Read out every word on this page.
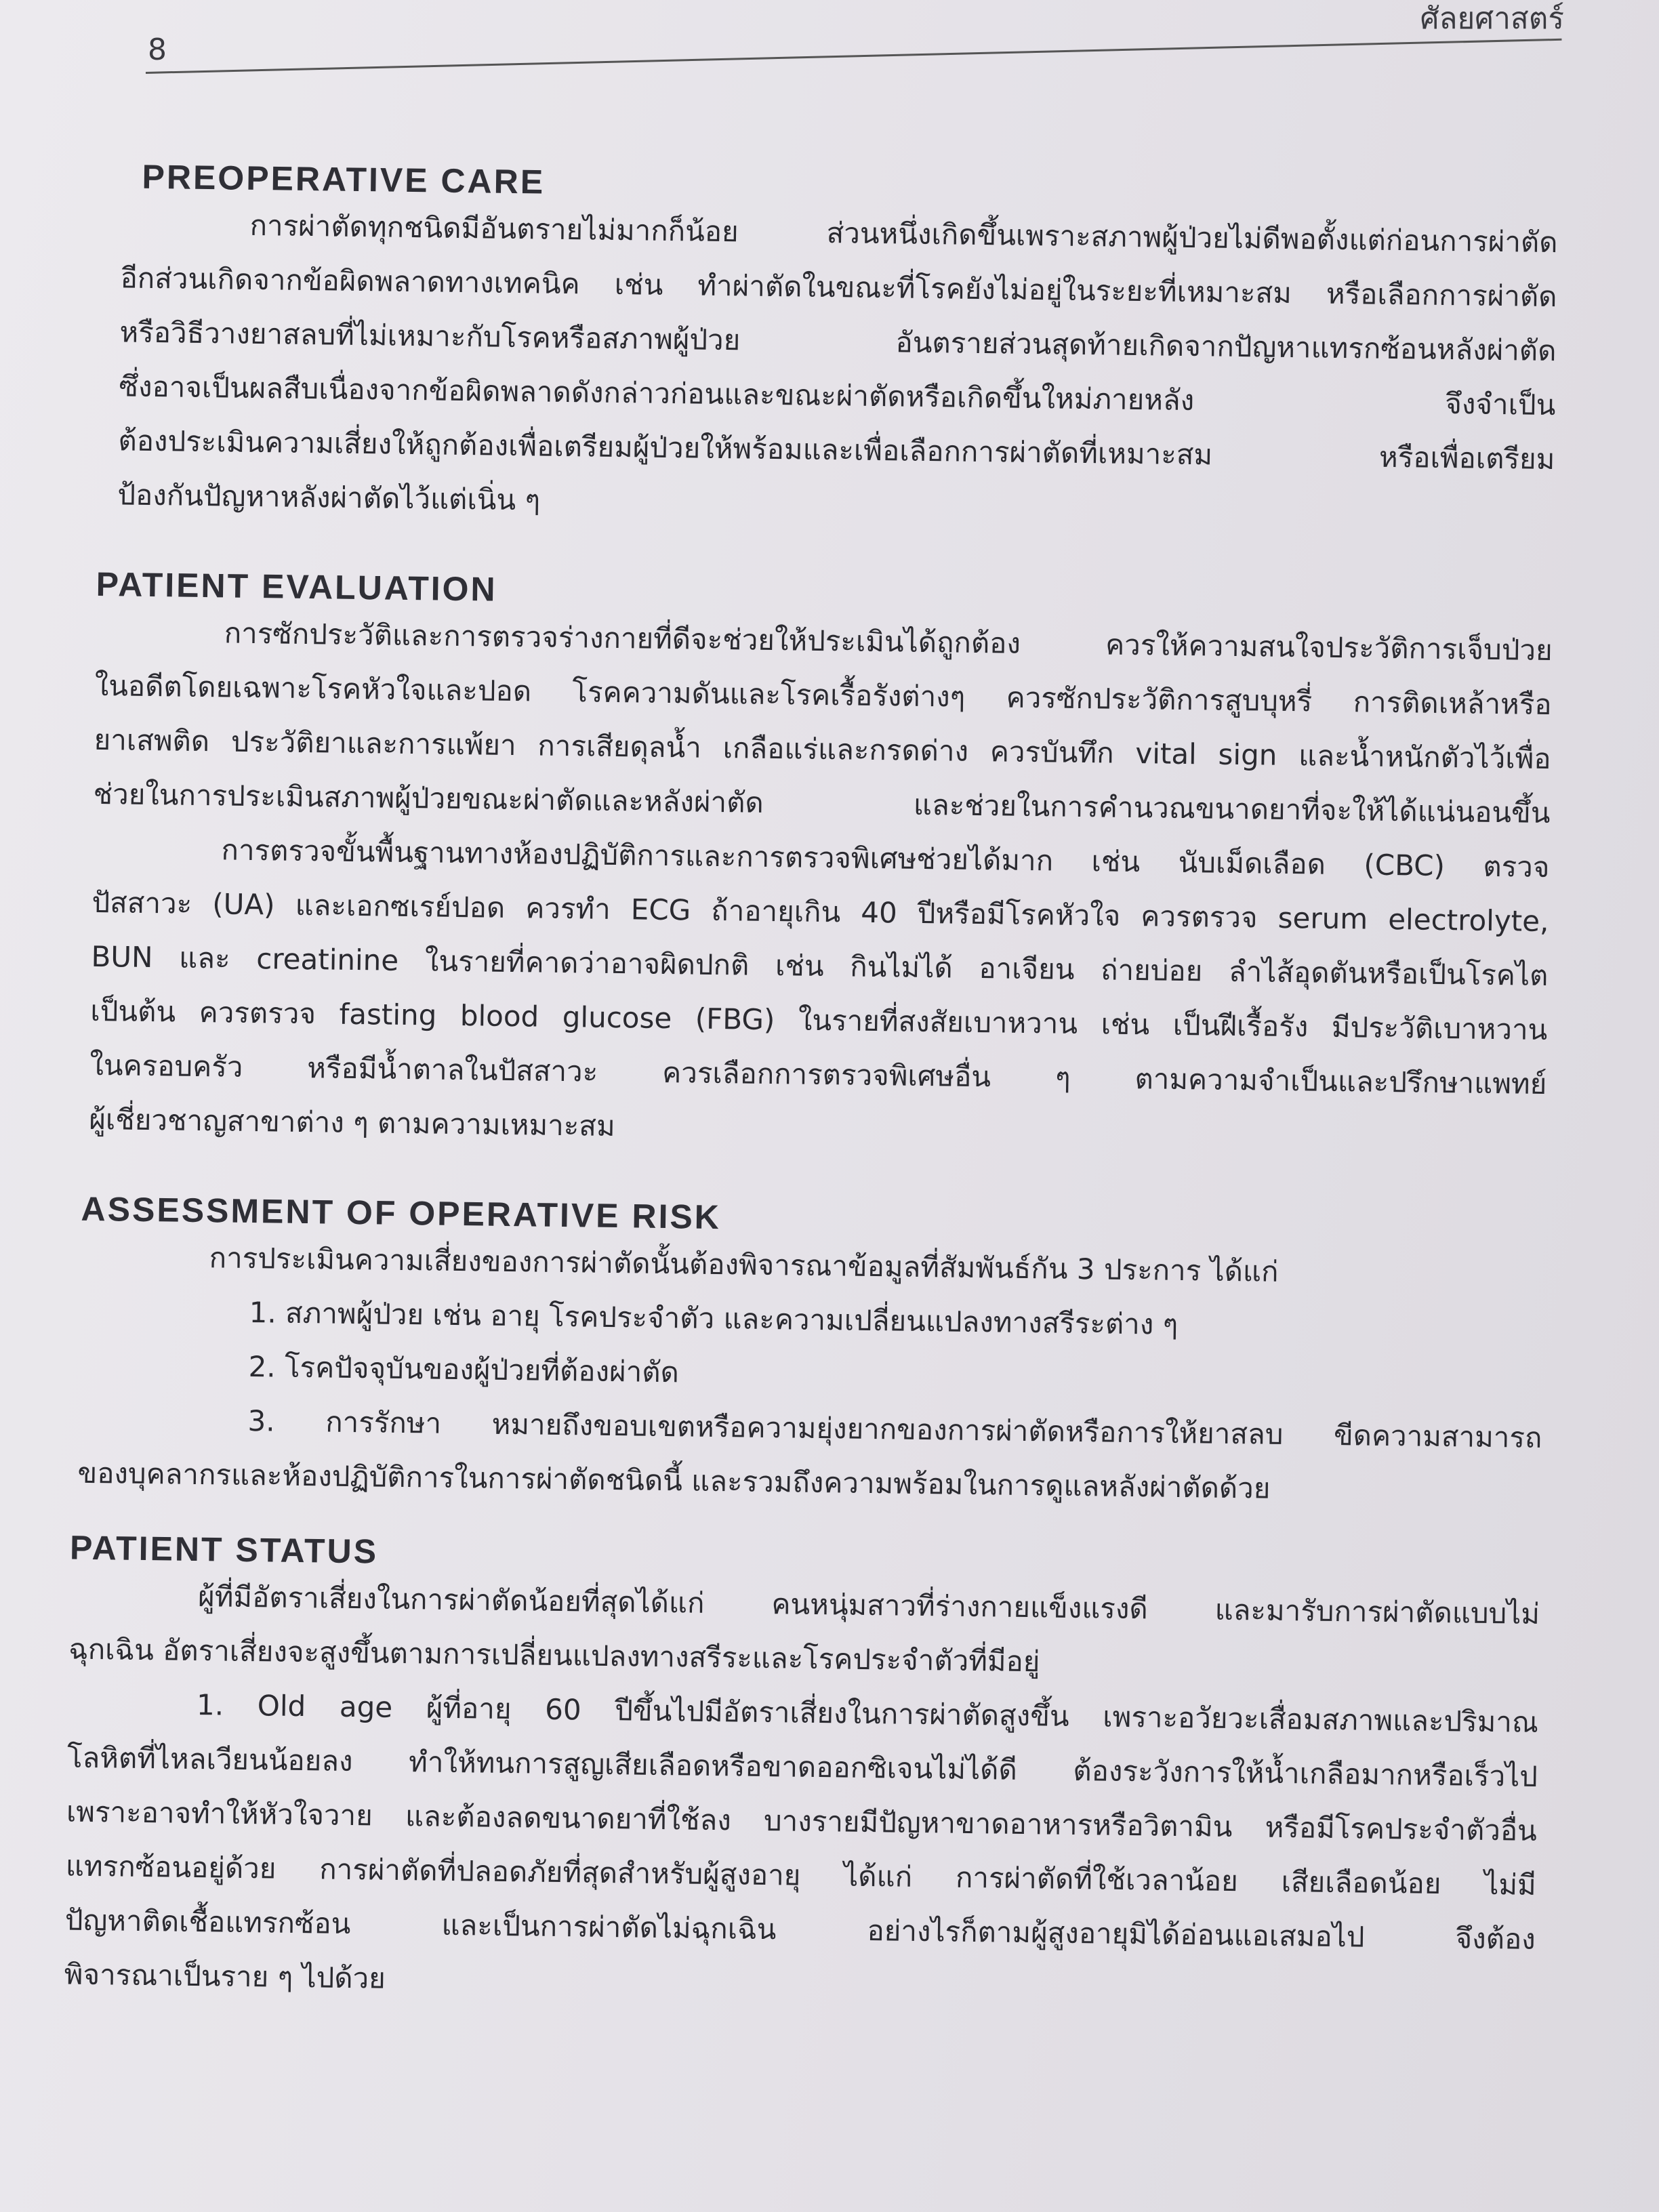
ศัลยศาสตร์
8
PREOPERATIVE CARE
การผ่าตัดทุกชนิดมีอันตรายไม่มากก็น้อย ส่วนหนึ่งเกิดขึ้นเพราะสภาพผู้ป่วยไม่ดีพอตั้งแต่ก่อนการผ่าตัด
อีกส่วนเกิดจากข้อผิดพลาดทางเทคนิค เช่น ทำผ่าตัดในขณะที่โรคยังไม่อยู่ในระยะที่เหมาะสม หรือเลือกการผ่าตัด
หรือวิธีวางยาสลบที่ไม่เหมาะกับโรคหรือสภาพผู้ป่วย อันตรายส่วนสุดท้ายเกิดจากปัญหาแทรกซ้อนหลังผ่าตัด
ซึ่งอาจเป็นผลสืบเนื่องจากข้อผิดพลาดดังกล่าวก่อนและขณะผ่าตัดหรือเกิดขึ้นใหม่ภายหลัง จึงจำเป็น
ต้องประเมินความเสี่ยงให้ถูกต้องเพื่อเตรียมผู้ป่วยให้พร้อมและเพื่อเลือกการผ่าตัดที่เหมาะสม หรือเพื่อเตรียม
ป้องกันปัญหาหลังผ่าตัดไว้แต่เนิ่น ๆ
PATIENT EVALUATION
การซักประวัติและการตรวจร่างกายที่ดีจะช่วยให้ประเมินได้ถูกต้อง ควรให้ความสนใจประวัติการเจ็บป่วย
ในอดีตโดยเฉพาะโรคหัวใจและปอด โรคความดันและโรคเรื้อรังต่างๆ ควรซักประวัติการสูบบุหรี่ การติดเหล้าหรือ
ยาเสพติด ประวัติยาและการแพ้ยา การเสียดุลน้ำ เกลือแร่และกรดด่าง ควรบันทึก vital sign และน้ำหนักตัวไว้เพื่อ
ช่วยในการประเมินสภาพผู้ป่วยขณะผ่าตัดและหลังผ่าตัด และช่วยในการคำนวณขนาดยาที่จะให้ได้แน่นอนขึ้น
การตรวจขั้นพื้นฐานทางห้องปฏิบัติการและการตรวจพิเศษช่วยได้มาก เช่น นับเม็ดเลือด (CBC) ตรวจ
ปัสสาวะ (UA) และเอกซเรย์ปอด ควรทำ ECG ถ้าอายุเกิน 40 ปีหรือมีโรคหัวใจ ควรตรวจ serum electrolyte,
BUN และ creatinine ในรายที่คาดว่าอาจผิดปกติ เช่น กินไม่ได้ อาเจียน ถ่ายบ่อย ลำไส้อุดตันหรือเป็นโรคไต
เป็นต้น ควรตรวจ fasting blood glucose (FBG) ในรายที่สงสัยเบาหวาน เช่น เป็นฝีเรื้อรัง มีประวัติเบาหวาน
ในครอบครัว หรือมีน้ำตาลในปัสสาวะ ควรเลือกการตรวจพิเศษอื่น ๆ ตามความจำเป็นและปรึกษาแพทย์
ผู้เชี่ยวชาญสาขาต่าง ๆ ตามความเหมาะสม
ASSESSMENT OF OPERATIVE RISK
การประเมินความเสี่ยงของการผ่าตัดนั้นต้องพิจารณาข้อมูลที่สัมพันธ์กัน 3 ประการ ได้แก่
1. สภาพผู้ป่วย เช่น อายุ โรคประจำตัว และความเปลี่ยนแปลงทางสรีระต่าง ๆ
2. โรคปัจจุบันของผู้ป่วยที่ต้องผ่าตัด
3. การรักษา หมายถึงขอบเขตหรือความยุ่งยากของการผ่าตัดหรือการให้ยาสลบ ขีดความสามารถ
ของบุคลากรและห้องปฏิบัติการในการผ่าตัดชนิดนี้ และรวมถึงความพร้อมในการดูแลหลังผ่าตัดด้วย
PATIENT STATUS
ผู้ที่มีอัตราเสี่ยงในการผ่าตัดน้อยที่สุดได้แก่ คนหนุ่มสาวที่ร่างกายแข็งแรงดี และมารับการผ่าตัดแบบไม่
ฉุกเฉิน อัตราเสี่ยงจะสูงขึ้นตามการเปลี่ยนแปลงทางสรีระและโรคประจำตัวที่มีอยู่
1. Old age ผู้ที่อายุ 60 ปีขึ้นไปมีอัตราเสี่ยงในการผ่าตัดสูงขึ้น เพราะอวัยวะเสื่อมสภาพและปริมาณ
โลหิตที่ไหลเวียนน้อยลง ทำให้ทนการสูญเสียเลือดหรือขาดออกซิเจนไม่ได้ดี ต้องระวังการให้น้ำเกลือมากหรือเร็วไป
เพราะอาจทำให้หัวใจวาย และต้องลดขนาดยาที่ใช้ลง บางรายมีปัญหาขาดอาหารหรือวิตามิน หรือมีโรคประจำตัวอื่น
แทรกซ้อนอยู่ด้วย การผ่าตัดที่ปลอดภัยที่สุดสำหรับผู้สูงอายุ ได้แก่ การผ่าตัดที่ใช้เวลาน้อย เสียเลือดน้อย ไม่มี
ปัญหาติดเชื้อแทรกซ้อน และเป็นการผ่าตัดไม่ฉุกเฉิน อย่างไรก็ตามผู้สูงอายุมิได้อ่อนแอเสมอไป จึงต้อง
พิจารณาเป็นราย ๆ ไปด้วย
